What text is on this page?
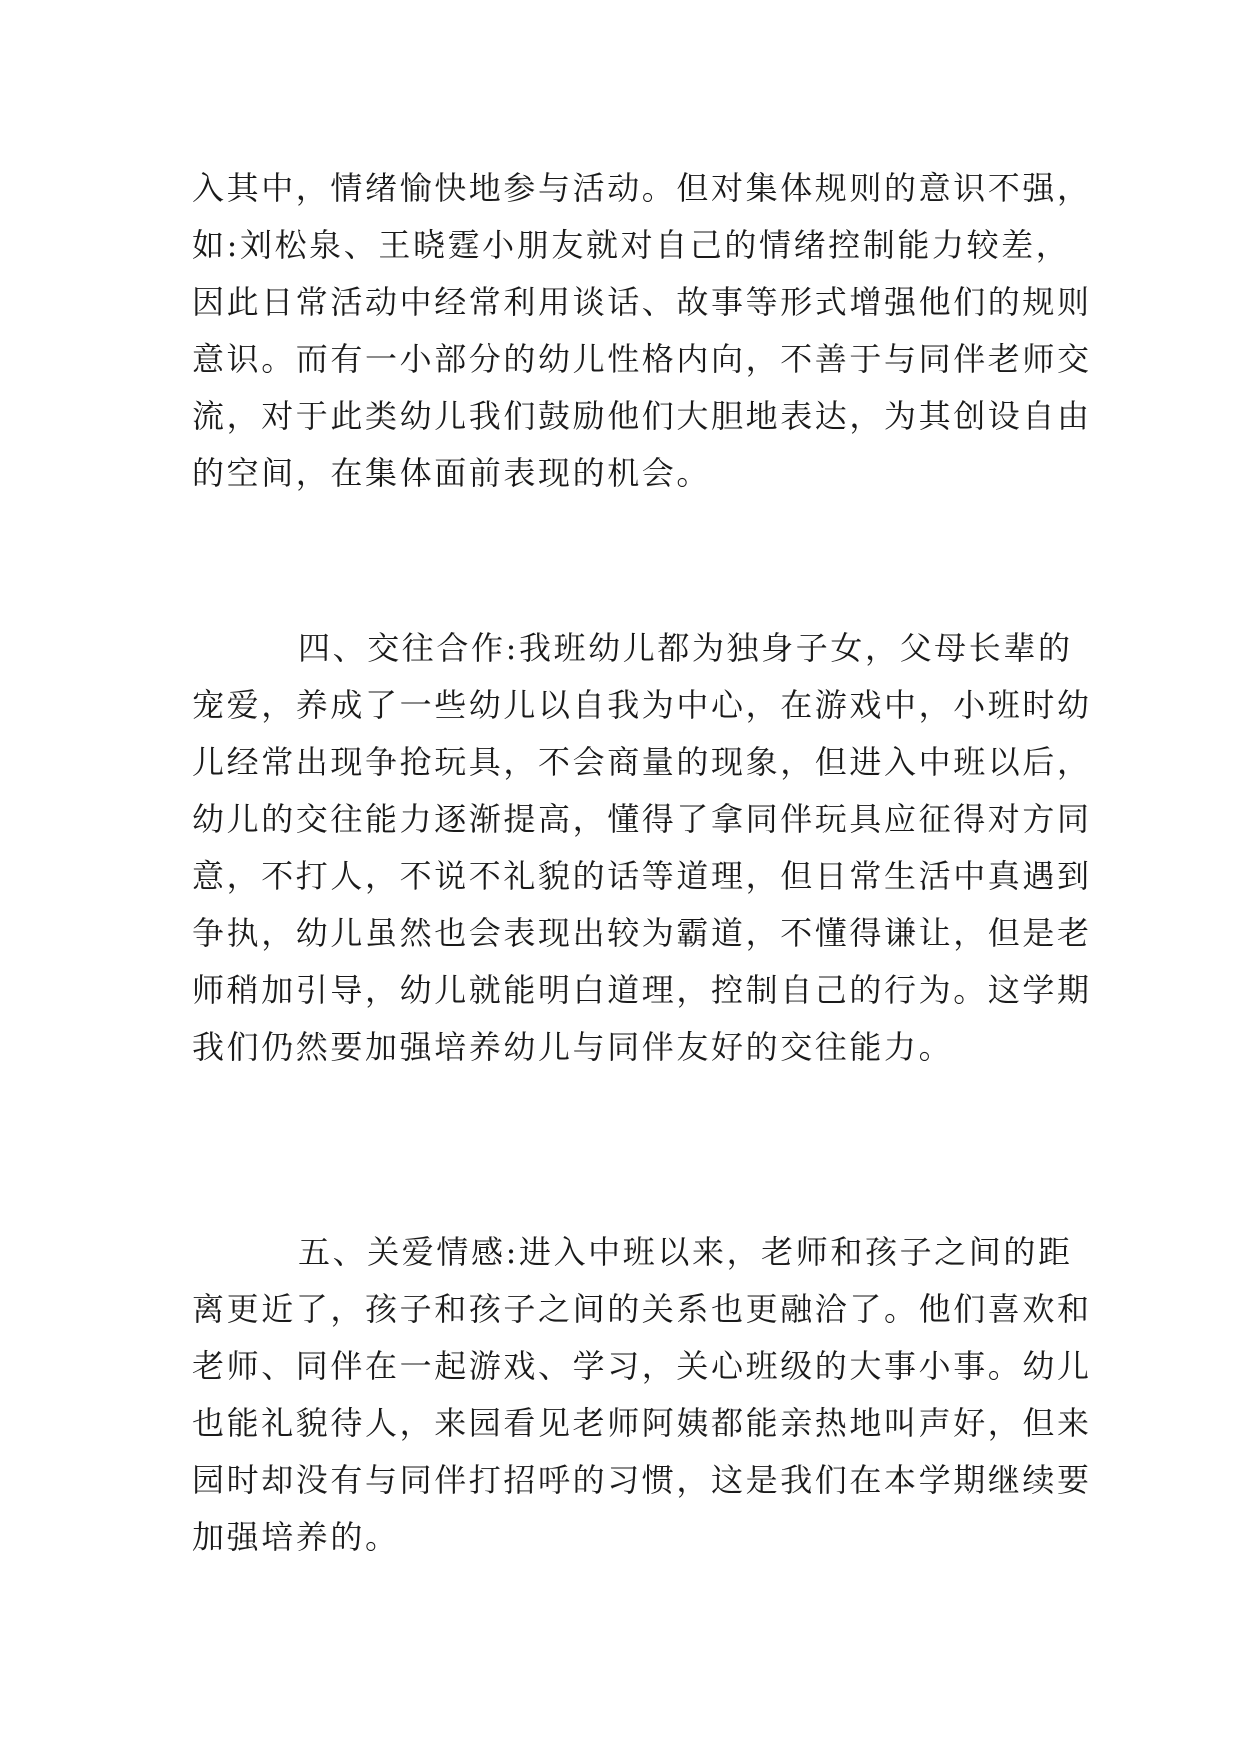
入其中，情绪愉快地参与活动。但对集体规则的意识不强，
如:刘松泉、王晓霆小朋友就对自己的情绪控制能力较差，
因此日常活动中经常利用谈话、故事等形式增强他们的规则
意识。而有一小部分的幼儿性格内向，不善于与同伴老师交
流，对于此类幼儿我们鼓励他们大胆地表达，为其创设自由
的空间，在集体面前表现的机会。
四、交往合作:我班幼儿都为独身子女，父母长辈的
宠爱，养成了一些幼儿以自我为中心，在游戏中，小班时幼
儿经常出现争抢玩具，不会商量的现象，但进入中班以后，
幼儿的交往能力逐渐提高，懂得了拿同伴玩具应征得对方同
意，不打人，不说不礼貌的话等道理，但日常生活中真遇到
争执，幼儿虽然也会表现出较为霸道，不懂得谦让，但是老
师稍加引导，幼儿就能明白道理，控制自己的行为。这学期
我们仍然要加强培养幼儿与同伴友好的交往能力。
五、关爱情感:进入中班以来，老师和孩子之间的距
离更近了，孩子和孩子之间的关系也更融洽了。他们喜欢和
老师、同伴在一起游戏、学习，关心班级的大事小事。幼儿
也能礼貌待人，来园看见老师阿姨都能亲热地叫声好，但来
园时却没有与同伴打招呼的习惯，这是我们在本学期继续要
加强培养的。
